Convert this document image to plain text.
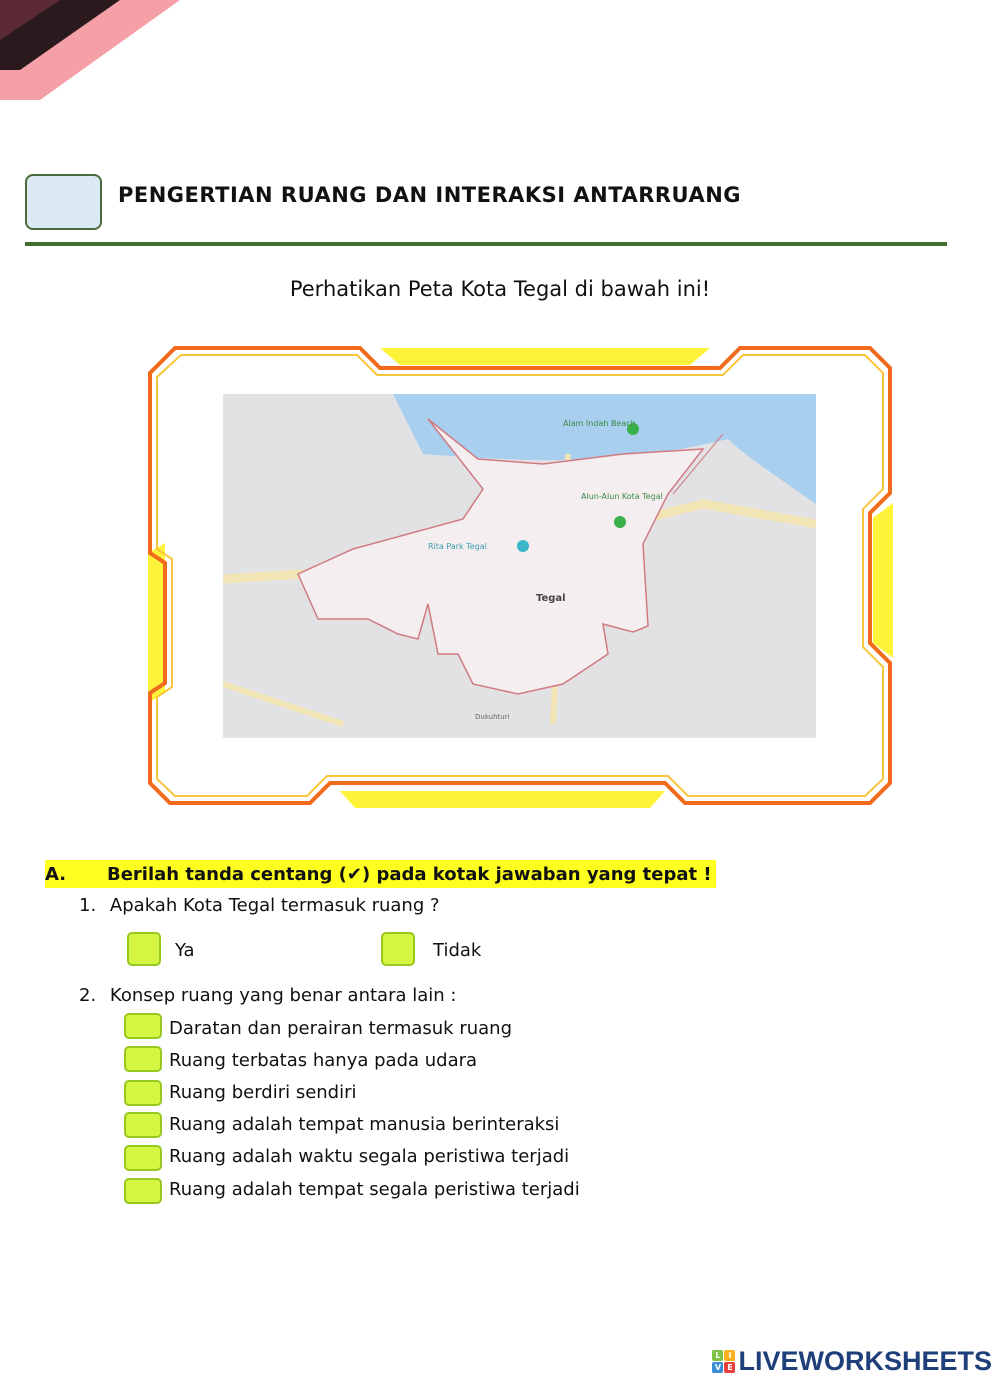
PENGERTIAN RUANG DAN INTERAKSI ANTARRUANG
Perhatikan Peta Kota Tegal di bawah ini!
Alam Indah Beach
Alun-Alun Kota Tegal
Rita Park Tegal
Tegal
Dukuhturi
A.	Berilah tanda centang (✔) pada kotak jawaban yang tepat !
1. Apakah Kota Tegal termasuk ruang ?
Ya	Tidak
2. Konsep ruang yang benar antara lain :
Daratan dan perairan termasuk ruang
Ruang terbatas hanya pada udara
Ruang berdiri sendiri
Ruang adalah tempat manusia berinteraksi
Ruang adalah waktu segala peristiwa terjadi
Ruang adalah tempat segala peristiwa terjadi
L I
V E LIVEWORKSHEETS
